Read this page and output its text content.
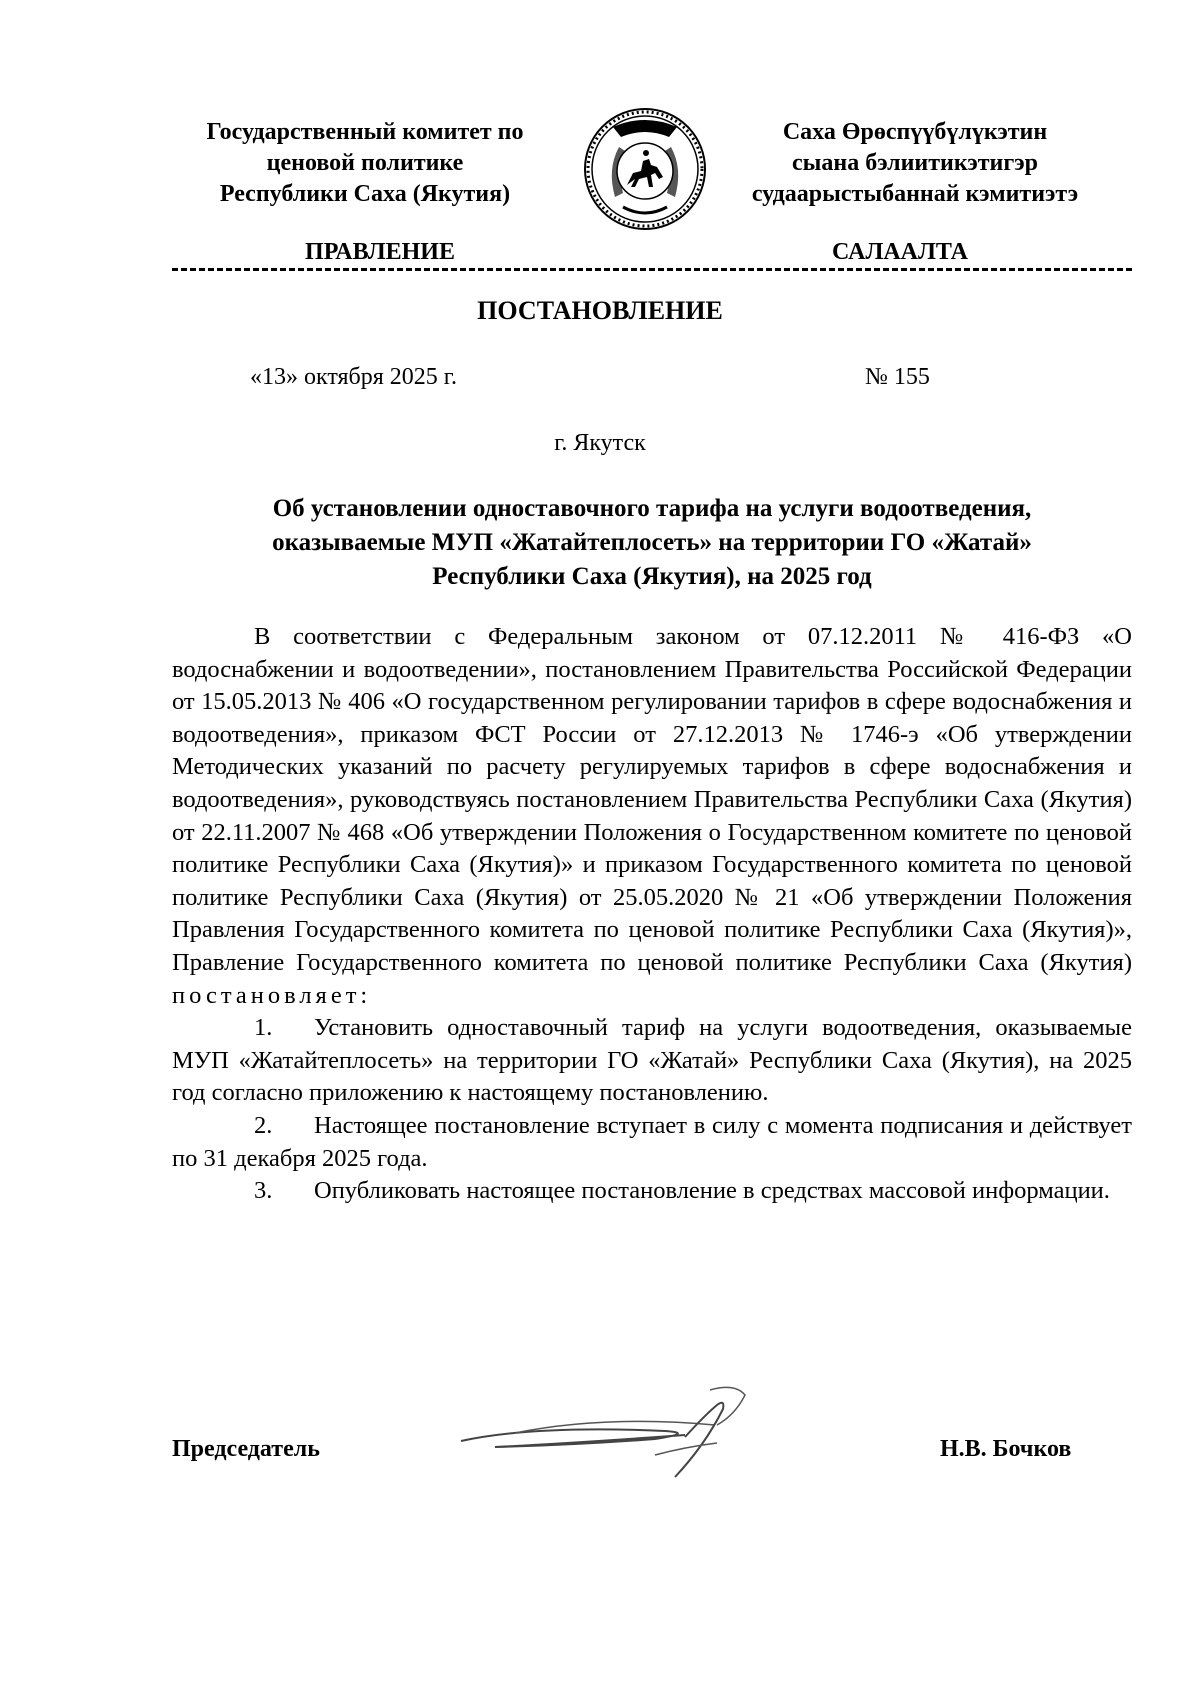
Государственный комитет по
ценовой политике
Республики Саха (Якутия)
Саха Өрөспүүбүлүкэтин
сыана бэлиитикэтигэр
судаарыстыбаннай кэмитиэтэ
ПРАВЛЕНИЕ	САЛААЛТА
ПОСТАНОВЛЕНИЕ
«13» октября 2025 г.	№ 155
г. Якутск
Об установлении одноставочного тарифа на услуги водоотведения,
оказываемые МУП «Жатайтеплосеть» на территории ГО «Жатай»
Республики Саха (Якутия), на 2025 год

В соответствии с Федеральным законом от 07.12.2011 № 416-ФЗ «О водоснабжении и водоотведении», постановлением Правительства Российской Федерации от 15.05.2013 № 406 «О государственном регулировании тарифов в сфере водоснабжения и водоотведения», приказом ФСТ России от 27.12.2013 № 1746-э «Об утверждении Методических указаний по расчету регулируемых тарифов в сфере водоснабжения и водоотведения», руководствуясь постановлением Правительства Республики Саха (Якутия) от 22.11.2007 № 468 «Об утверждении Положения о Государственном комитете по ценовой политике Республики Саха (Якутия)» и приказом Государственного комитета по ценовой политике Республики Саха (Якутия) от 25.05.2020 № 21 «Об утверждении Положения Правления Государственного комитета по ценовой политике Республики Саха (Якутия)», Правление Государственного комитета по ценовой политике Республики Саха (Якутия) постановляет:

1. Установить одноставочный тариф на услуги водоотведения, оказываемые МУП «Жатайтеплосеть» на территории ГО «Жатай» Республики Саха (Якутия), на 2025 год согласно приложению к настоящему постановлению.

2. Настоящее постановление вступает в силу с момента подписания и действует по 31 декабря 2025 года.

3. Опубликовать настоящее постановление в средствах массовой информации.

Председатель	Н.В. Бочков
